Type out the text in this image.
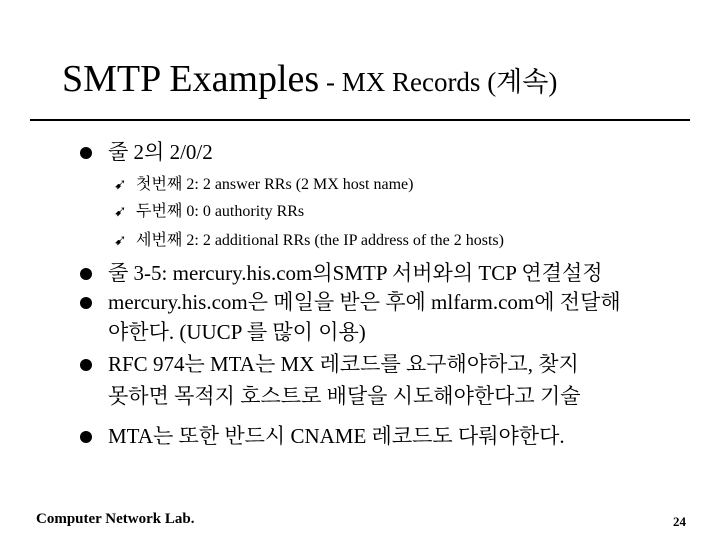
SMTP Examples - MX Records (계속)
줄 2의 2/0/2
➹ 첫번째 2: 2 answer RRs (2 MX host name)
➹ 두번째 0: 0 authority RRs
➹ 세번째 2: 2 additional RRs (the IP address of the 2 hosts)
줄 3-5: mercury.his.com의SMTP 서버와의 TCP 연결설정
mercury.his.com은 메일을 받은 후에 mlfarm.com에 전달해
야한다. (UUCP 를 많이 이용)
RFC 974는 MTA는 MX 레코드를 요구해야하고, 찾지
못하면 목적지 호스트로 배달을 시도해야한다고 기술
MTA는 또한 반드시 CNAME 레코드도 다뤄야한다.
Computer Network Lab.	24
